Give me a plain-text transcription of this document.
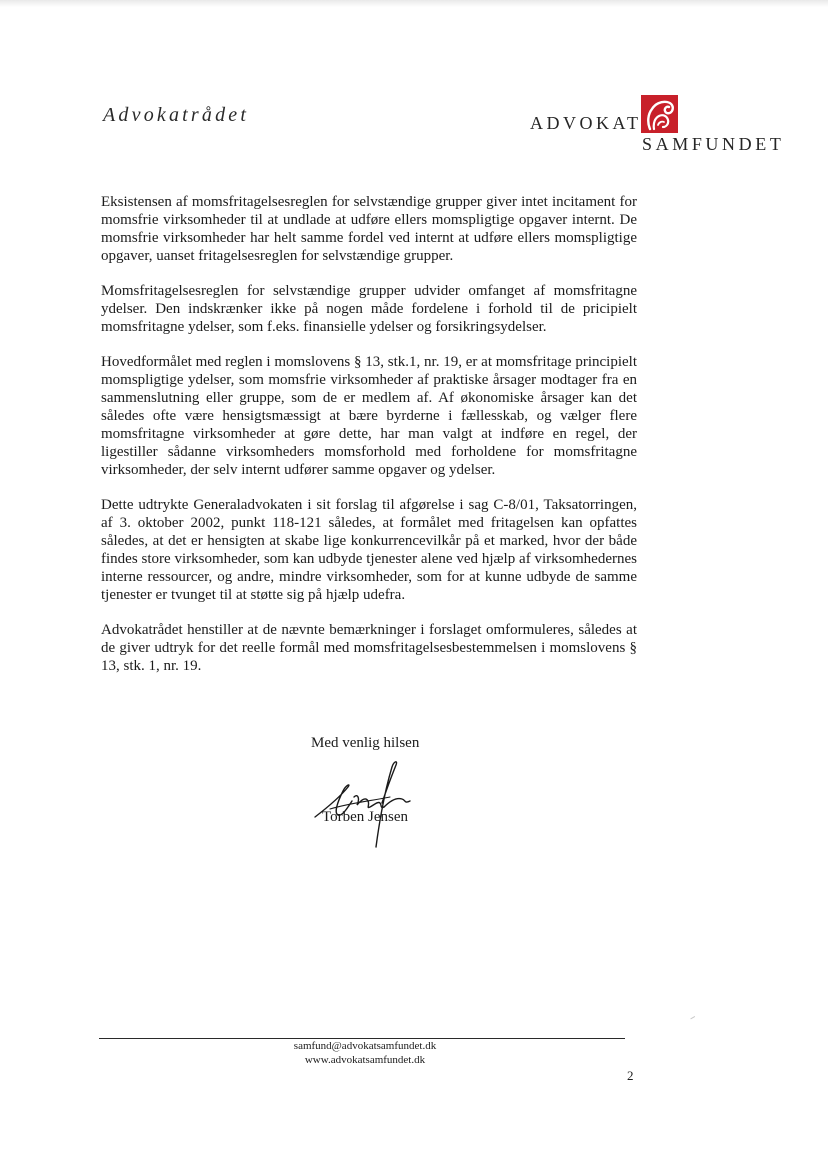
Advokatrådet	ADVOKAT
SAMFUNDET

Eksistensen af momsfritagelsesreglen for selvstændige grupper giver intet incitament for momsfrie virksomheder til at undlade at udføre ellers momspligtige opgaver internt. De momsfrie virksomheder har helt samme fordel ved internt at udføre ellers momspligtige opgaver, uanset fritagelsesreglen for selvstændige grupper.

Momsfritagelsesreglen for selvstændige grupper udvider omfanget af momsfritagne ydelser. Den indskrænker ikke på nogen måde fordelene i forhold til de pricipielt momsfritagne ydelser, som f.eks. finansielle ydelser og forsikringsydelser.

Hovedformålet med reglen i momslovens § 13, stk.1, nr. 19, er at momsfritage principielt momspligtige ydelser, som momsfrie virksomheder af praktiske årsager modtager fra en sammenslutning eller gruppe, som de er medlem af. Af økonomiske årsager kan det således ofte være hensigtsmæssigt at bære byrderne i fællesskab, og vælger flere momsfritagne virksomheder at gøre dette, har man valgt at indføre en regel, der ligestiller sådanne virksomheders momsforhold med forholdene for momsfritagne virksomheder, der selv internt udfører samme opgaver og ydelser.

Dette udtrykte Generaladvokaten i sit forslag til afgørelse i sag C-8/01, Taksatorringen, af 3. oktober 2002, punkt 118-121 således, at formålet med fritagelsen kan opfattes således, at det er hensigten at skabe lige konkurrencevilkår på et marked, hvor der både findes store virksomheder, som kan udbyde tjenester alene ved hjælp af virksomhedernes interne ressourcer, og andre, mindre virksomheder, som for at kunne udbyde de samme tjenester er tvunget til at støtte sig på hjælp udefra.

Advokatrådet henstiller at de nævnte bemærkninger i forslaget omformuleres, således at de giver udtryk for det reelle formål med momsfritagelsesbestemmelsen i momslovens § 13, stk. 1, nr. 19.

Med venlig hilsen
Torben Jensen
samfund@advokatsamfundet.dk
www.advokatsamfundet.dk
2
